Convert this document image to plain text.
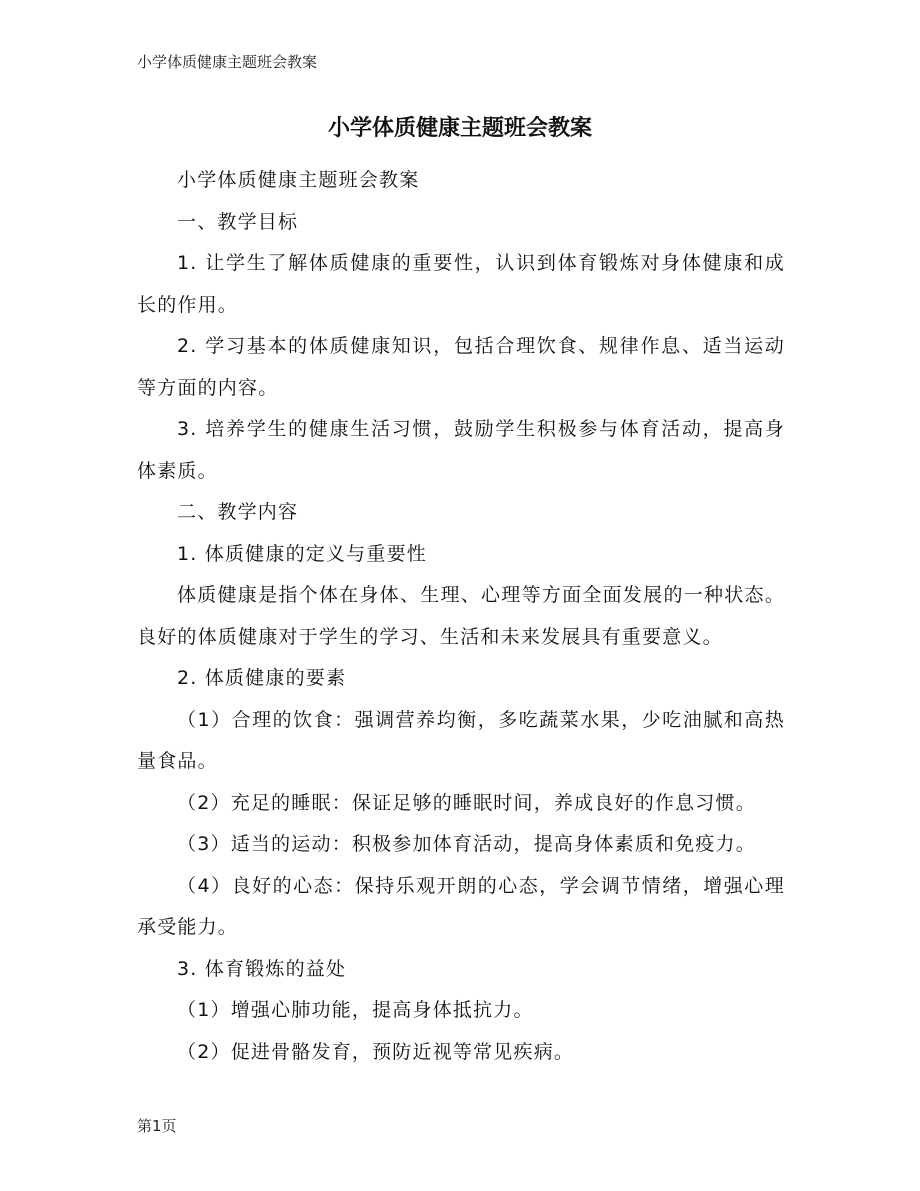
小学体质健康主题班会教案
小学体质健康主题班会教案

小学体质健康主题班会教案

一、教学目标

1. 让学生了解体质健康的重要性，认识到体育锻炼对身体健康和成长的作用。

2. 学习基本的体质健康知识，包括合理饮食、规律作息、适当运动等方面的内容。

3. 培养学生的健康生活习惯，鼓励学生积极参与体育活动，提高身体素质。

二、教学内容

1. 体质健康的定义与重要性

体质健康是指个体在身体、生理、心理等方面全面发展的一种状态。良好的体质健康对于学生的学习、生活和未来发展具有重要意义。

2. 体质健康的要素

（1）合理的饮食：强调营养均衡，多吃蔬菜水果，少吃油腻和高热量食品。

（2）充足的睡眠：保证足够的睡眠时间，养成良好的作息习惯。

（3）适当的运动：积极参加体育活动，提高身体素质和免疫力。

（4）良好的心态：保持乐观开朗的心态，学会调节情绪，增强心理承受能力。

3. 体育锻炼的益处

（1）增强心肺功能，提高身体抵抗力。

（2）促进骨骼发育，预防近视等常见疾病。

第1页
